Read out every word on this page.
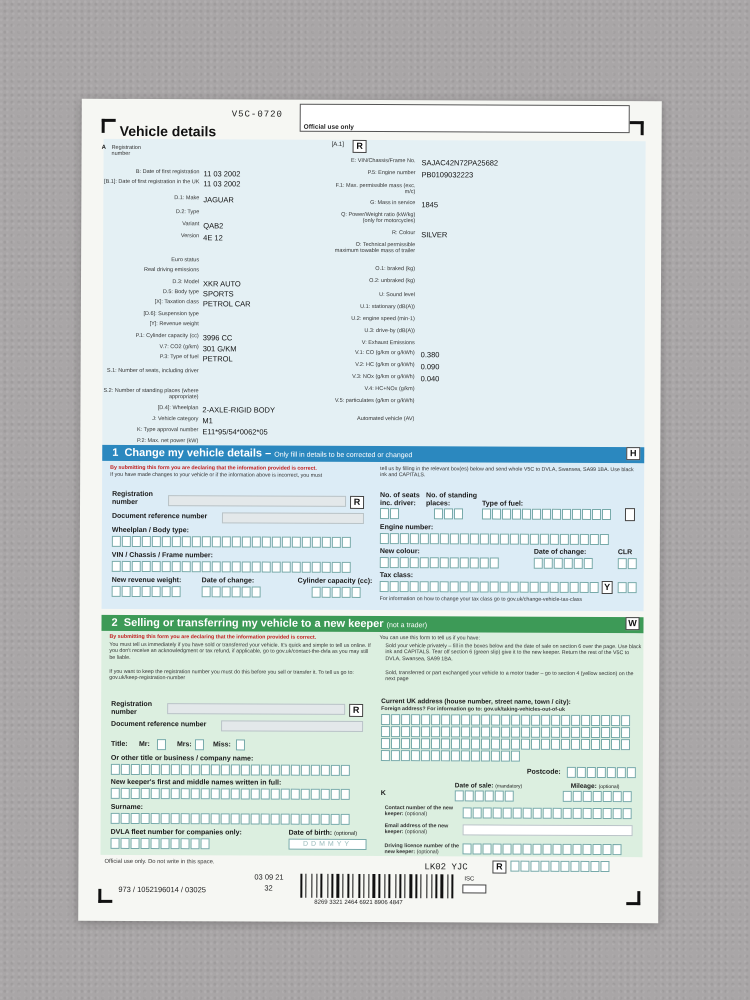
V5C-0720
Official use only
Vehicle details
A	[A.1]	R
Registration number
B: Date of first registration 11 03 2002
[B.1]: Date of first registration in the UK 11 03 2002
D.1: Make JAGUAR
D.2: Type
Variant QAB2
Version 4E 12
Euro status
Real driving emissions
D.3: Model XKR AUTO
D.5: Body type SPORTS
[X]: Taxation class PETROL CAR
[D.6]: Suspension type
[Y]: Revenue weight
P.1: Cylinder capacity (cc) 3996 CC
V.7: CO2 (g/km) 301 G/KM
P.3: Type of fuel PETROL
S.1: Number of seats, including driver
S.2: Number of standing places (where appropriate)
[D.4]: Wheelplan 2-AXLE-RIGID BODY
J: Vehicle category M1
K: Type approval number E11*95/54*0062*05
P.2: Max. net power (kW)
E: VIN/Chassis/Frame No. SAJAC42N72PA25682
P.5: Engine number PB0109032223
F.1: Max. permissible mass (exc. m/c)
G: Mass in service 1845
Q: Power/Weight ratio (kW/kg) (only for motorcycles)
R: Colour SILVER
O: Technical permissible maximum towable mass of trailer
O.1: braked (kg)
O.2: unbraked (kg)
U: Sound level
U.1: stationary (dB(A))
U.2: engine speed (min-1)
U.3: drive-by (dB(A))
V: Exhaust Emissions
V.1: CO (g/km or g/kWh) 0.380
V.2: HC (g/km or g/kWh) 0.090
V.3: NOx (g/km or g/kWh) 0.040
V.4: HC+NOx (g/km)
V.5: particulates (g/km or g/kWh)
Automated vehicle (AV)
1 Change my vehicle details – Only fill in details to be corrected or changed	H
By submitting this form you are declaring that the information provided is correct.
If you have made changes to your vehicle or if the information above is incorrect, you must
tell us by filling in the relevant box(es) below and send whole V5C to DVLA, Swansea, SA99 1BA. Use black ink and CAPITALS.
Registration number	R
Document reference number
Wheelplan / Body type:
VIN / Chassis / Frame number:
New revenue weight:	Date of change:	Cylinder capacity (cc):
No. of seats inc. driver:
No. of standing places:	Type of fuel:
Engine number:
New colour:	Date of change:	CLR
Tax class:
Y
For information on how to change your tax class go to gov.uk/change-vehicle-tax-class
2 Selling or transferring my vehicle to a new keeper (not a trader)	W
By submitting this form you are declaring that the information provided is correct.
You must tell us immediately if you have sold or transferred your vehicle. It's quick and simple to tell us online. If you don't receive an acknowledgment or tax refund, if applicable, go to gov.uk/contact-the-dvla as you may still be liable.
If you want to keep the registration number you must do this before you sell or transfer it. To tell us go to: gov.uk/keep-registration-number
You can use this form to tell us if you have:
Sold your vehicle privately – fill in the boxes below and the date of sale on section 6 over the page. Use black ink and CAPITALS. Tear off section 6 (green slip) give it to the new keeper. Return the rest of the V5C to DVLA, Swansea, SA99 1BA.
Sold, transferred or part exchanged your vehicle to a motor trader – go to section 4 (yellow section) on the next page
Registration number	R
Document reference number
Title: Mr:	Mrs:	Miss:
Or other title or business / company name:
New keeper's first and middle names written in full:
Surname:
DVLA fleet number for companies only:	Date of birth: (optional)
DDMMYY
Current UK address (house number, street name, town / city):
Foreign address? For information go to: gov.uk/taking-vehicles-out-of-uk
Postcode:
Date of sale: (mandatory)
K
Mileage: (optional)
Contact number of the new keeper: (optional)
Email address of the new keeper: (optional)
Driving licence number of the new keeper: (optional)
Official use only. Do not write in this space.
LK02 YJC	R
ISC
973 / 1052196014 / 03025
03 09 21
32
8269 3321 2464 6921 8906 4847
